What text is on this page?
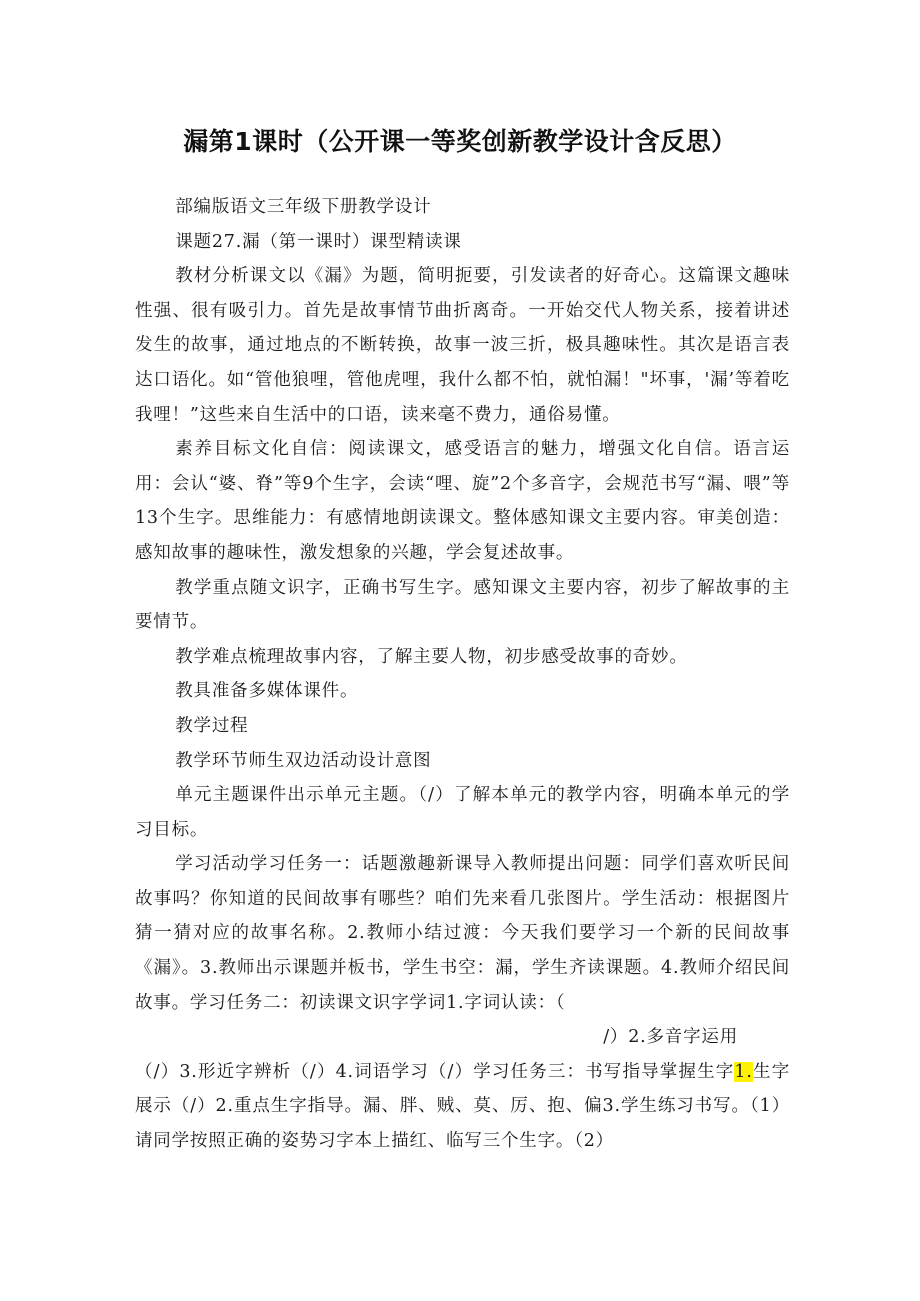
漏第1课时（公开课一等奖创新教学设计含反思）

部编版语文三年级下册教学设计

课题27.漏（第一课时）课型精读课

教材分析课文以《漏》为题，简明扼要，引发读者的好奇心。这篇课文趣味性强、很有吸引力。首先是故事情节曲折离奇。一开始交代人物关系，接着讲述发生的故事，通过地点的不断转换，故事一波三折，极具趣味性。其次是语言表达口语化。如“管他狼哩，管他虎哩，我什么都不怕，就怕漏！"坏事，'漏’等着吃我哩！”这些来自生活中的口语，读来毫不费力，通俗易懂。

素养目标文化自信：阅读课文，感受语言的魅力，增强文化自信。语言运用：会认“婆、脊”等9个生字，会读“哩、旋”2个多音字，会规范书写“漏、喂”等13个生字。思维能力：有感情地朗读课文。整体感知课文主要内容。审美创造：感知故事的趣味性，激发想象的兴趣，学会复述故事。

教学重点随文识字，正确书写生字。感知课文主要内容，初步了解故事的主要情节。

教学难点梳理故事内容，了解主要人物，初步感受故事的奇妙。

教具准备多媒体课件。

教学过程

教学环节师生双边活动设计意图

单元主题课件出示单元主题。（/）了解本单元的教学内容，明确本单元的学习目标。

学习活动学习任务一：话题激趣新课导入教师提出问题：同学们喜欢听民间故事吗？你知道的民间故事有哪些？咱们先来看几张图片。学生活动：根据图片猜一猜对应的故事名称。2.教师小结过渡：今天我们要学习一个新的民间故事《漏》。3.教师出示课题并板书，学生书空：漏，学生齐读课题。4.教师介绍民间故事。学习任务二：初读课文识字学词1.字词认读：（

/）2.多音字运用
（/）3.形近字辨析（/）4.词语学习（/）学习任务三：书写指导掌握生字1.生字展示（/）2.重点生字指导。漏、胖、贼、莫、厉、抱、偏3.学生练习书写。（1）请同学按照正确的姿势习字本上描红、临写三个生字。（2）
